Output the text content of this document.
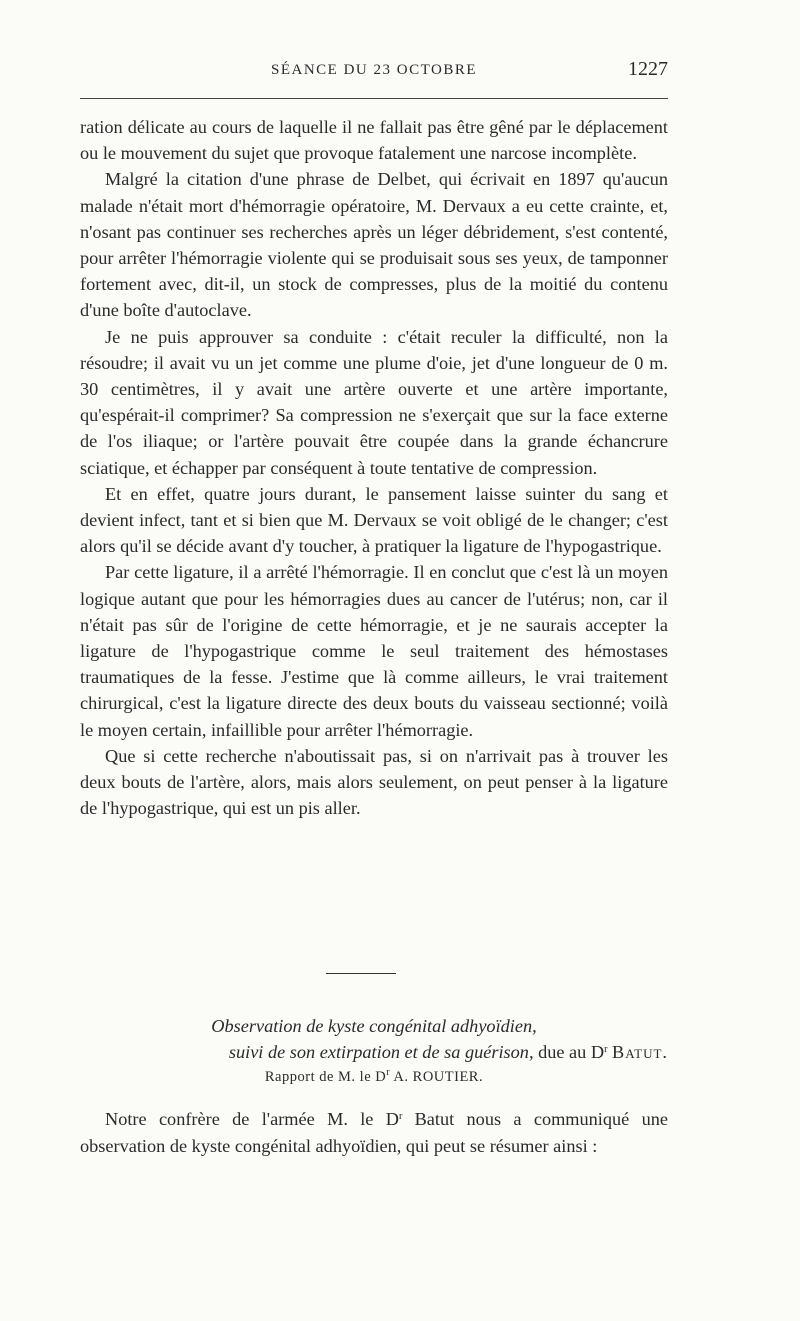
SÉANCE DU 23 OCTOBRE	1227

ration délicate au cours de laquelle il ne fallait pas être gêné par le déplacement ou le mouvement du sujet que provoque fatalement une narcose incomplète.

Malgré la citation d'une phrase de Delbet, qui écrivait en 1897 qu'aucun malade n'était mort d'hémorragie opératoire, M. Dervaux a eu cette crainte, et, n'osant pas continuer ses recherches après un léger débridement, s'est contenté, pour arrêter l'hémorragie violente qui se produisait sous ses yeux, de tamponner fortement avec, dit-il, un stock de compresses, plus de la moitié du contenu d'une boîte d'autoclave.

Je ne puis approuver sa conduite : c'était reculer la difficulté, non la résoudre; il avait vu un jet comme une plume d'oie, jet d'une longueur de 0 m. 30 centimètres, il y avait une artère ouverte et une artère importante, qu'espérait-il comprimer? Sa compression ne s'exerçait que sur la face externe de l'os iliaque; or l'artère pouvait être coupée dans la grande échancrure sciatique, et échapper par conséquent à toute tentative de compression.

Et en effet, quatre jours durant, le pansement laisse suinter du sang et devient infect, tant et si bien que M. Dervaux se voit obligé de le changer; c'est alors qu'il se décide avant d'y toucher, à pratiquer la ligature de l'hypogastrique.

Par cette ligature, il a arrêté l'hémorragie. Il en conclut que c'est là un moyen logique autant que pour les hémorragies dues au cancer de l'utérus; non, car il n'était pas sûr de l'origine de cette hémorragie, et je ne saurais accepter la ligature de l'hypogastrique comme le seul traitement des hémostases traumatiques de la fesse. J'estime que là comme ailleurs, le vrai traitement chirurgical, c'est la ligature directe des deux bouts du vaisseau sectionné; voilà le moyen certain, infaillible pour arrêter l'hémorragie.

Que si cette recherche n'aboutissait pas, si on n'arrivait pas à trouver les deux bouts de l'artère, alors, mais alors seulement, on peut penser à la ligature de l'hypogastrique, qui est un pis aller.

Observation de kyste congénital adhyoïdien,
suivi de son extirpation et de sa guérison, due au $D^r$ Batut.
Rapport de M. le $D^r$ A. ROUTIER.

Notre confrère de l'armée M. le $D^r$ Batut nous a communiqué une observation de kyste congénital adhyoïdien, qui peut se résumer ainsi :
